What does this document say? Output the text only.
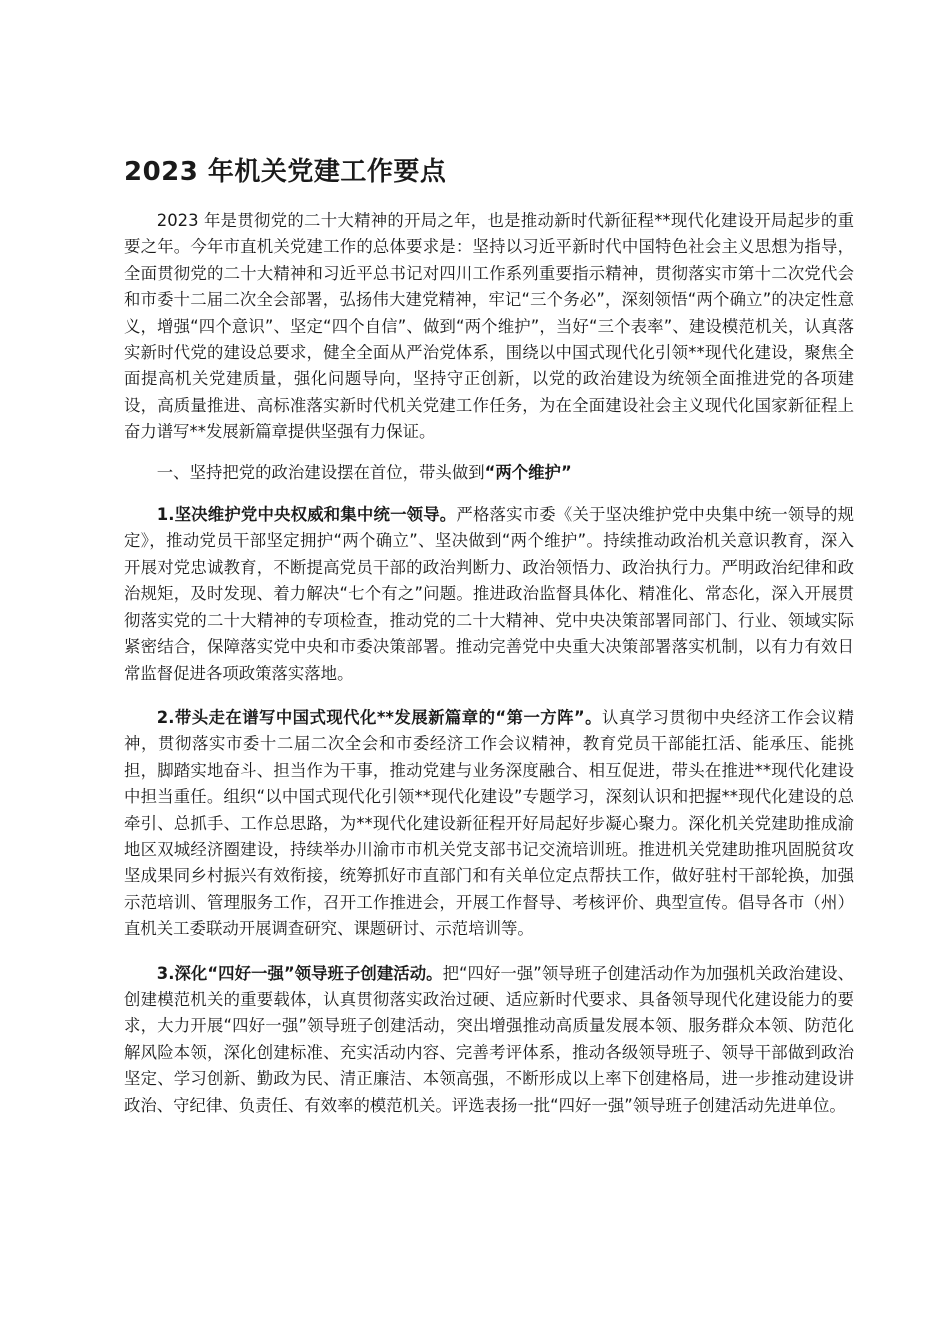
2023 年机关党建工作要点

2023 年是贯彻党的二十大精神的开局之年，也是推动新时代新征程**现代化建设开局起步的重要之年。今年市直机关党建工作的总体要求是：坚持以习近平新时代中国特色社会主义思想为指导，全面贯彻党的二十大精神和习近平总书记对四川工作系列重要指示精神，贯彻落实市第十二次党代会和市委十二届二次全会部署，弘扬伟大建党精神，牢记“三个务必”，深刻领悟“两个确立”的决定性意义，增强“四个意识”、坚定“四个自信”、做到“两个维护”，当好“三个表率”、建设模范机关，认真落实新时代党的建设总要求，健全全面从严治党体系，围绕以中国式现代化引领**现代化建设，聚焦全面提高机关党建质量，强化问题导向，坚持守正创新，以党的政治建设为统领全面推进党的各项建设，高质量推进、高标准落实新时代机关党建工作任务，为在全面建设社会主义现代化国家新征程上奋力谱写**发展新篇章提供坚强有力保证。

一、坚持把党的政治建设摆在首位，带头做到“两个维护”

1.坚决维护党中央权威和集中统一领导。严格落实市委《关于坚决维护党中央集中统一领导的规定》，推动党员干部坚定拥护“两个确立”、坚决做到“两个维护”。持续推动政治机关意识教育，深入开展对党忠诚教育，不断提高党员干部的政治判断力、政治领悟力、政治执行力。严明政治纪律和政治规矩，及时发现、着力解决“七个有之”问题。推进政治监督具体化、精准化、常态化，深入开展贯彻落实党的二十大精神的专项检查，推动党的二十大精神、党中央决策部署同部门、行业、领域实际紧密结合，保障落实党中央和市委决策部署。推动完善党中央重大决策部署落实机制，以有力有效日常监督促进各项政策落实落地。

2.带头走在谱写中国式现代化**发展新篇章的“第一方阵”。认真学习贯彻中央经济工作会议精神，贯彻落实市委十二届二次全会和市委经济工作会议精神，教育党员干部能扛活、能承压、能挑担，脚踏实地奋斗、担当作为干事，推动党建与业务深度融合、相互促进，带头在推进**现代化建设中担当重任。组织“以中国式现代化引领**现代化建设”专题学习，深刻认识和把握**现代化建设的总牵引、总抓手、工作总思路，为**现代化建设新征程开好局起好步凝心聚力。深化机关党建助推成渝地区双城经济圈建设，持续举办川渝市市机关党支部书记交流培训班。推进机关党建助推巩固脱贫攻坚成果同乡村振兴有效衔接，统筹抓好市直部门和有关单位定点帮扶工作，做好驻村干部轮换，加强示范培训、管理服务工作，召开工作推进会，开展工作督导、考核评价、典型宣传。倡导各市（州）直机关工委联动开展调查研究、课题研讨、示范培训等。

3.深化“四好一强”领导班子创建活动。把“四好一强”领导班子创建活动作为加强机关政治建设、创建模范机关的重要载体，认真贯彻落实政治过硬、适应新时代要求、具备领导现代化建设能力的要求，大力开展“四好一强”领导班子创建活动，突出增强推动高质量发展本领、服务群众本领、防范化解风险本领，深化创建标准、充实活动内容、完善考评体系，推动各级领导班子、领导干部做到政治坚定、学习创新、勤政为民、清正廉洁、本领高强，不断形成以上率下创建格局，进一步推动建设讲政治、守纪律、负责任、有效率的模范机关。评选表扬一批“四好一强”领导班子创建活动先进单位。
